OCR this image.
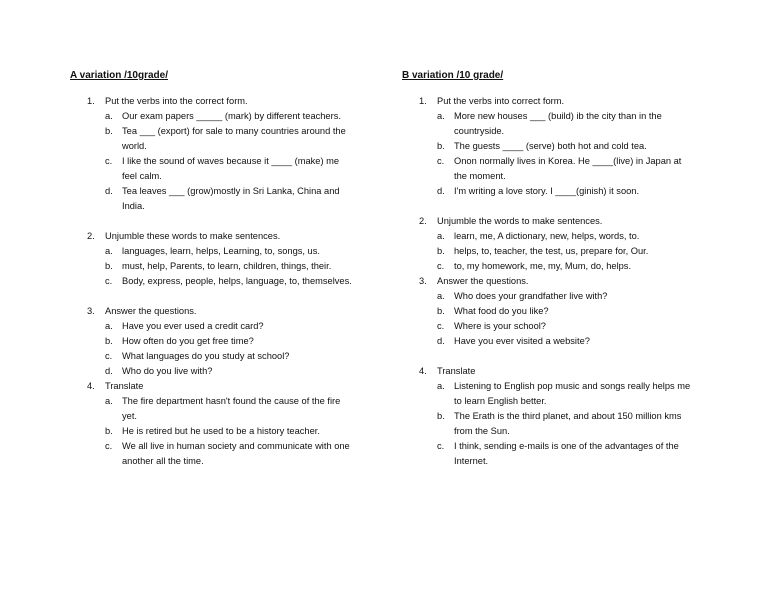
A variation /10grade/
1. Put the verbs into the correct form.
a. Our exam papers _____ (mark) by different teachers.
b. Tea ___ (export) for sale to many countries around the
world.
c. I like the sound of waves because it ____ (make) me
feel calm.
d. Tea leaves ___ (grow)mostly in Sri Lanka, China and
India.
2. Unjumble these words to make sentences.
a. languages, learn, helps, Learning, to, songs, us.
b. must, help, Parents, to learn, children, things, their.
c. Body, express, people, helps, language, to, themselves.
3. Answer the questions.
a. Have you ever used a credit card?
b. How often do you get free time?
c. What languages do you study at school?
d. Who do you live with?
4. Translate
a. The fire department hasn't found the cause of the fire
yet.
b. He is retired but he used to be a history teacher.
c. We all live in human society and communicate with one
another all the time.
B variation /10 grade/
1. Put the verbs into correct form.
a. More new houses ___ (build) ib the city than in the
countryside.
b. The guests ____ (serve) both hot and cold tea.
c. Onon normally lives in Korea. He ____(live) in Japan at
the moment.
d. I'm writing a love story. I ____(ginish) it soon.
2. Unjumble the words to make sentences.
a. learn, me, A dictionary, new, helps, words, to.
b. helps, to, teacher, the test, us, prepare for, Our.
c. to, my homework, me, my, Mum, do, helps.
3. Answer the questions.
a. Who does your grandfather live with?
b. What food do you like?
c. Where is your school?
d. Have you ever visited a website?
4. Translate
a. Listening to English pop music and songs really helps me
to learn English better.
b. The Erath is the third planet, and about 150 million kms
from the Sun.
c. I think, sending e-mails is one of the advantages of the
Internet.
